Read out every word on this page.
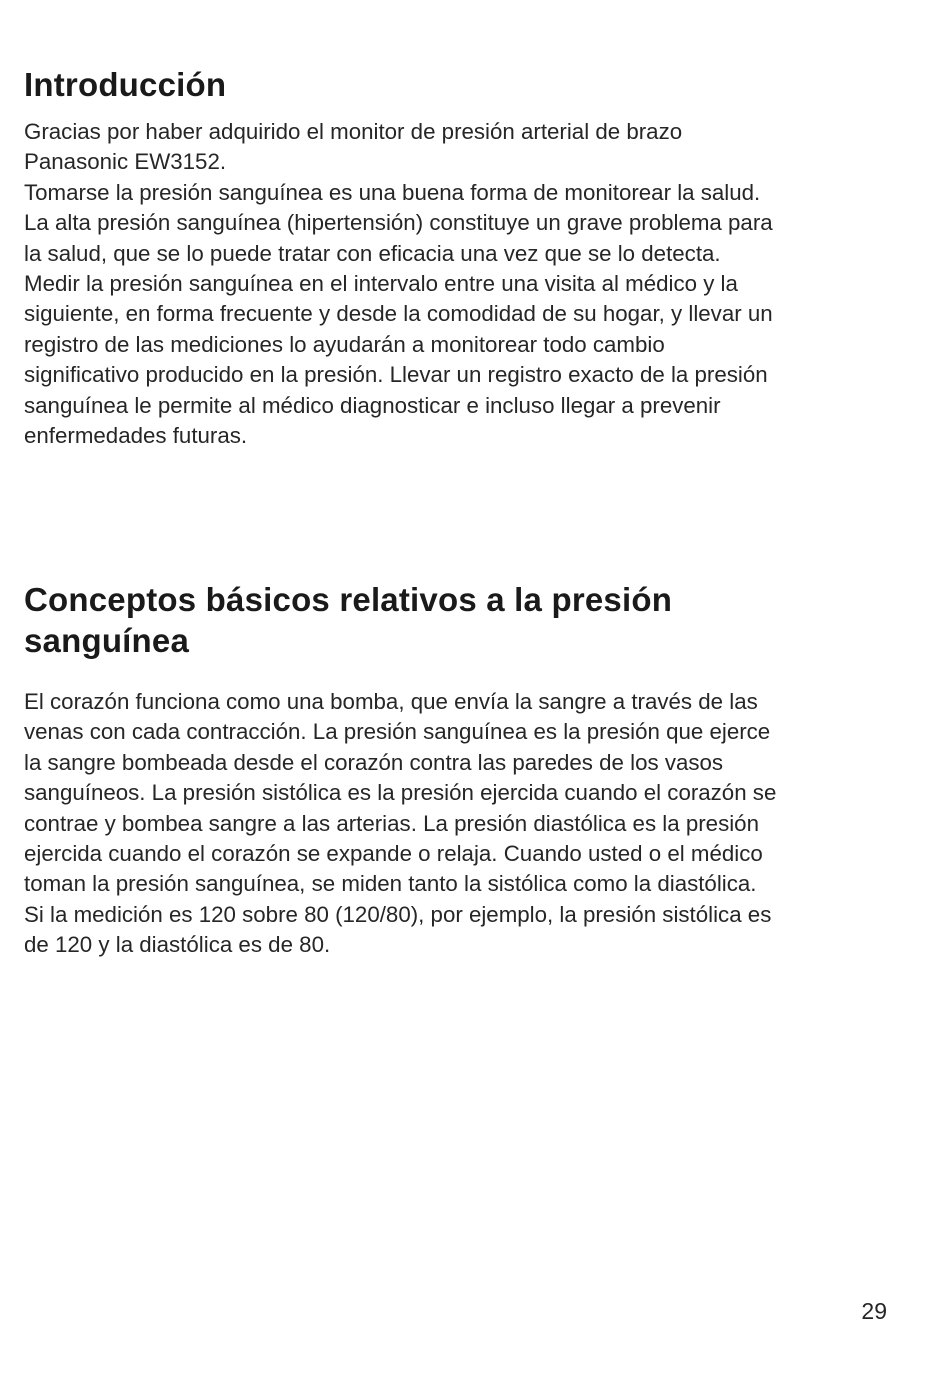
Introducción

Gracias por haber adquirido el monitor de presión arterial de brazo
Panasonic EW3152.
Tomarse la presión sanguínea es una buena forma de monitorear la salud.
La alta presión sanguínea (hipertensión) constituye un grave problema para
la salud, que se lo puede tratar con eficacia una vez que se lo detecta.
Medir la presión sanguínea en el intervalo entre una visita al médico y la
siguiente, en forma frecuente y desde la comodidad de su hogar, y llevar un
registro de las mediciones lo ayudarán a monitorear todo cambio
significativo producido en la presión. Llevar un registro exacto de la presión
sanguínea le permite al médico diagnosticar e incluso llegar a prevenir
enfermedades futuras.

Conceptos básicos relativos a la presión
sanguínea

El corazón funciona como una bomba, que envía la sangre a través de las
venas con cada contracción. La presión sanguínea es la presión que ejerce
la sangre bombeada desde el corazón contra las paredes de los vasos
sanguíneos. La presión sistólica es la presión ejercida cuando el corazón se
contrae y bombea sangre a las arterias. La presión diastólica es la presión
ejercida cuando el corazón se expande o relaja. Cuando usted o el médico
toman la presión sanguínea, se miden tanto la sistólica como la diastólica.
Si la medición es 120 sobre 80 (120/80), por ejemplo, la presión sistólica es
de 120 y la diastólica es de 80.

29
